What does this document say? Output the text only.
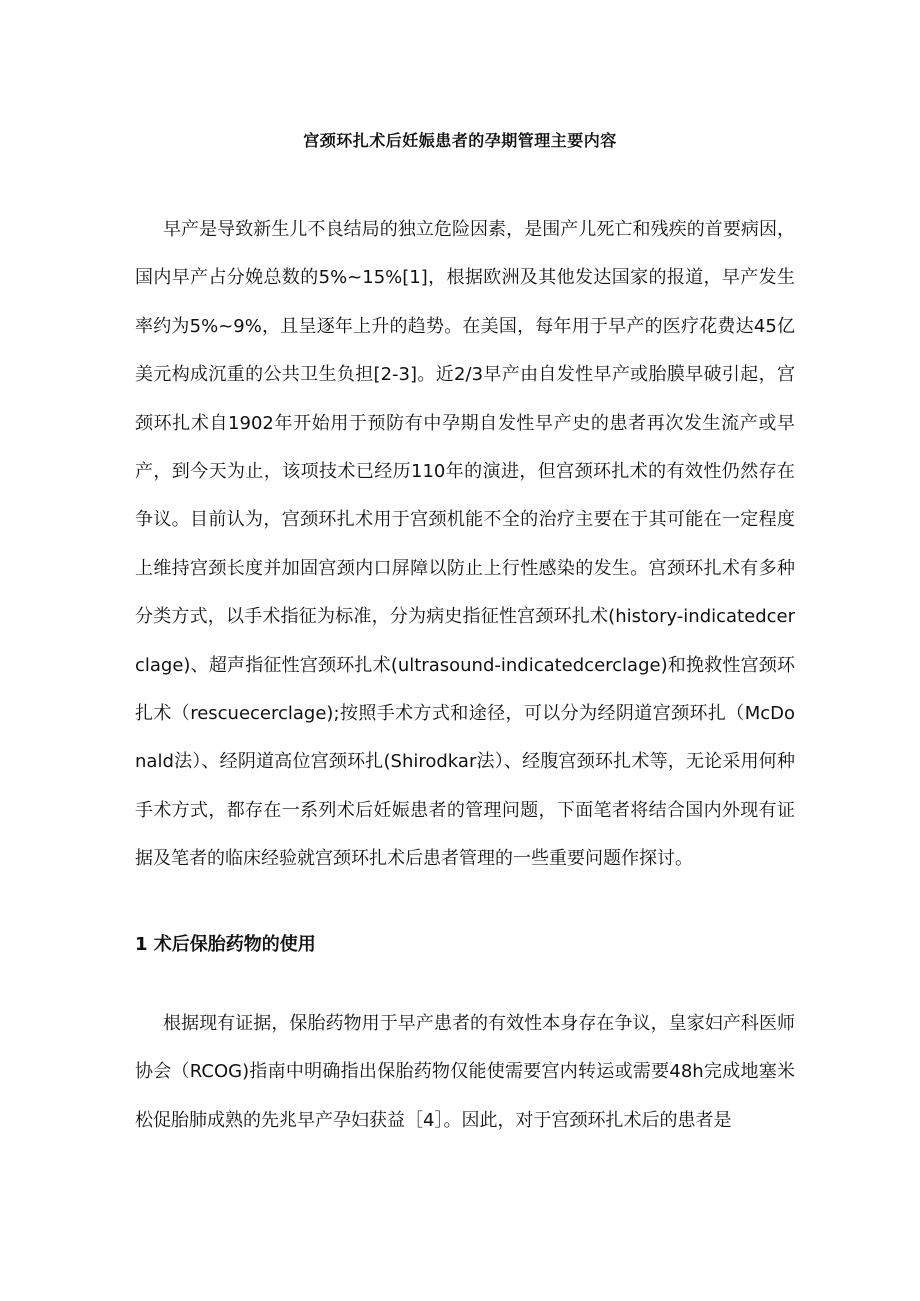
宫颈环扎术后妊娠患者的孕期管理主要内容

早产是导致新生儿不良结局的独立危险因素，是围产儿死亡和残疾的首要病因，国内早产占分娩总数的5%~15%[1]，根据欧洲及其他发达国家的报道，早产发生率约为5%~9%，且呈逐年上升的趋势。在美国，每年用于早产的医疗花费达45亿美元构成沉重的公共卫生负担[2-3]。近2/3早产由自发性早产或胎膜早破引起，宫颈环扎术自1902年开始用于预防有中孕期自发性早产史的患者再次发生流产或早产，到今天为止，该项技术已经历110年的演进，但宫颈环扎术的有效性仍然存在争议。目前认为，宫颈环扎术用于宫颈机能不全的治疗主要在于其可能在一定程度上维持宫颈长度并加固宫颈内口屏障以防止上行性感染的发生。宫颈环扎术有多种分类方式，以手术指征为标准，分为病史指征性宫颈环扎术(history-indicatedcerclage)、超声指征性宫颈环扎术(ultrasound-indicatedcerclage)和挽救性宫颈环扎术（rescuecerclage);按照手术方式和途径，可以分为经阴道宫颈环扎（McDonald法）、经阴道高位宫颈环扎(Shirodkar法）、经腹宫颈环扎术等，无论采用何种手术方式，都存在一系列术后妊娠患者的管理问题，下面笔者将结合国内外现有证据及笔者的临床经验就宫颈环扎术后患者管理的一些重要问题作探讨。

1 术后保胎药物的使用

根据现有证据，保胎药物用于早产患者的有效性本身存在争议，皇家妇产科医师协会（RCOG)指南中明确指出保胎药物仅能使需要宫内转运或需要48h完成地塞米松促胎肺成熟的先兆早产孕妇获益［4］。因此，对于宫颈环扎术后的患者是
